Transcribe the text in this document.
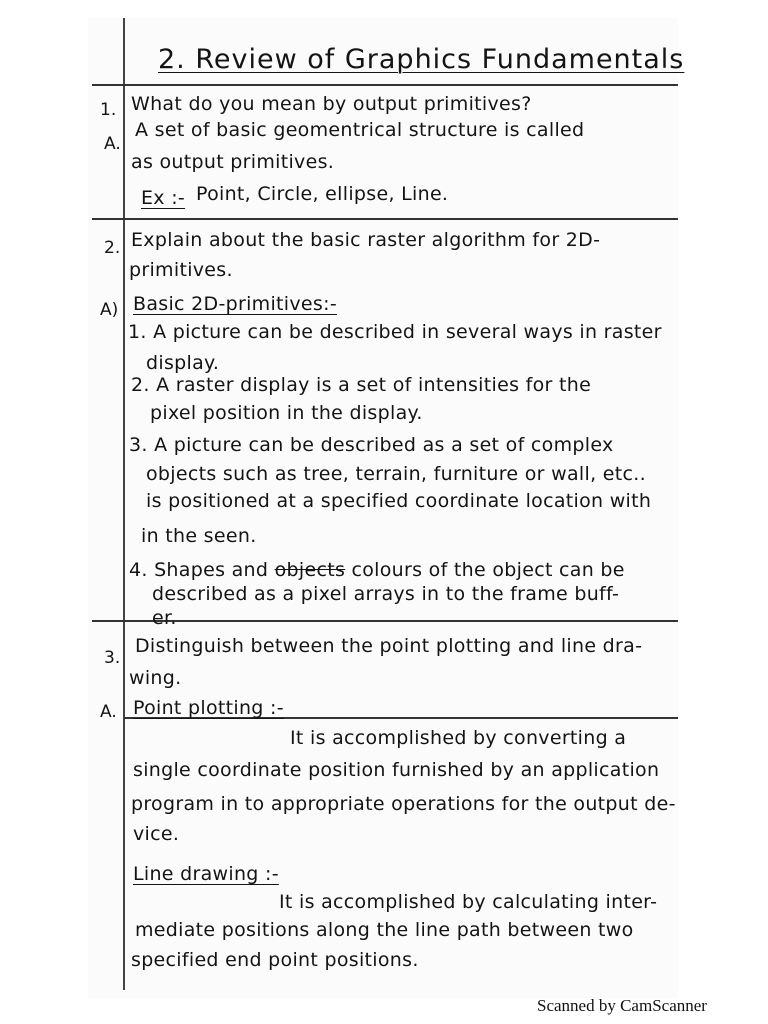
2. Review of Graphics Fundamentals
1. What do you mean by output primitives?
A.
A set of basic geomentrical structure is called
as output primitives.
Ex :- Point, Circle, ellipse, Line.
2. Explain about the basic raster algorithm for 2D-
primitives.
A) Basic 2D-primitives:-
1. A picture can be described in several ways in raster
display.
2. A raster display is a set of intensities for the
pixel position in the display.
3. A picture can be described as a set of complex
objects such as tree, terrain, furniture or wall, etc..
is positioned at a specified coordinate location with
in the seen.
4. Shapes and objects colours of the object can be
described as a pixel arrays in to the frame buff-
er.
3.
Distinguish between the point plotting and line dra-
wing.
A. Point plotting :-
It is accomplished by converting a
single coordinate position furnished by an application
program in to appropriate operations for the output de-
vice.
Line drawing :-
It is accomplished by calculating inter-
mediate positions along the line path between two
specified end point positions.
Scanned by CamScanner
